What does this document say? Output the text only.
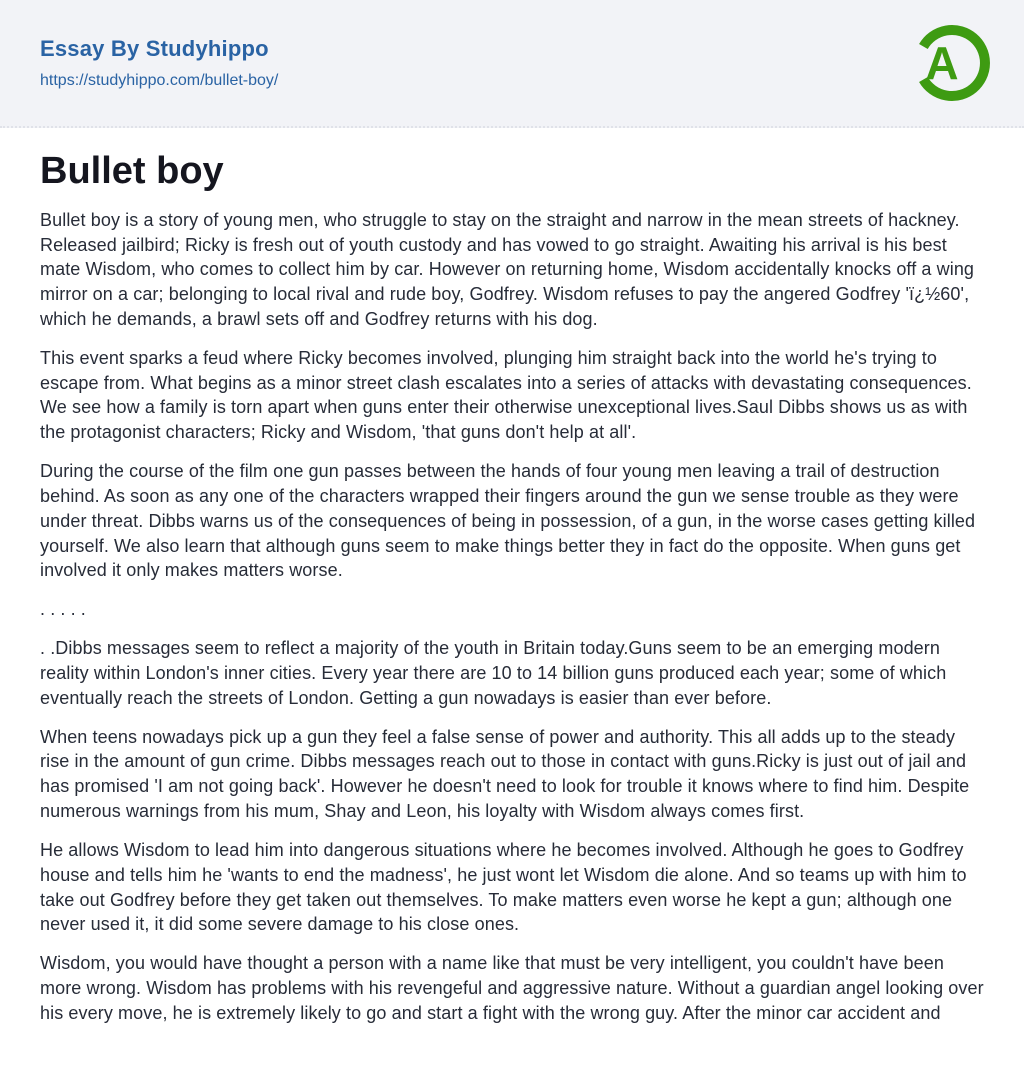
Essay By Studyhippo
https://studyhippo.com/bullet-boy/	A
Bullet boy

Bullet boy is a story of young men, who struggle to stay on the straight and narrow in the mean streets of hackney. Released jailbird; Ricky is fresh out of youth custody and has vowed to go straight. Awaiting his arrival is his best mate Wisdom, who comes to collect him by car. However on returning home, Wisdom accidentally knocks off a wing mirror on a car; belonging to local rival and rude boy, Godfrey. Wisdom refuses to pay the angered Godfrey 'ï¿½60', which he demands, a brawl sets off and Godfrey returns with his dog.

This event sparks a feud where Ricky becomes involved, plunging him straight back into the world he's trying to escape from. What begins as a minor street clash escalates into a series of attacks with devastating consequences. We see how a family is torn apart when guns enter their otherwise unexceptional lives.Saul Dibbs shows us as with the protagonist characters; Ricky and Wisdom, 'that guns don't help at all'.

During the course of the film one gun passes between the hands of four young men leaving a trail of destruction behind. As soon as any one of the characters wrapped their fingers around the gun we sense trouble as they were under threat. Dibbs warns us of the consequences of being in possession, of a gun, in the worse cases getting killed yourself. We also learn that although guns seem to make things better they in fact do the opposite. When guns get involved it only makes matters worse.

. . . . .

. .Dibbs messages seem to reflect a majority of the youth in Britain today.Guns seem to be an emerging modern reality within London's inner cities. Every year there are 10 to 14 billion guns produced each year; some of which eventually reach the streets of London. Getting a gun nowadays is easier than ever before.

When teens nowadays pick up a gun they feel a false sense of power and authority. This all adds up to the steady rise in the amount of gun crime. Dibbs messages reach out to those in contact with guns.Ricky is just out of jail and has promised 'I am not going back'. However he doesn't need to look for trouble it knows where to find him. Despite numerous warnings from his mum, Shay and Leon, his loyalty with Wisdom always comes first.

He allows Wisdom to lead him into dangerous situations where he becomes involved. Although he goes to Godfrey house and tells him he 'wants to end the madness', he just wont let Wisdom die alone. And so teams up with him to take out Godfrey before they get taken out themselves. To make matters even worse he kept a gun; although one never used it, it did some severe damage to his close ones.

Wisdom, you would have thought a person with a name like that must be very intelligent, you couldn't have been more wrong. Wisdom has problems with his revengeful and aggressive nature. Without a guardian angel looking over his every move, he is extremely likely to go and start a fight with the wrong guy. After the minor car accident and
